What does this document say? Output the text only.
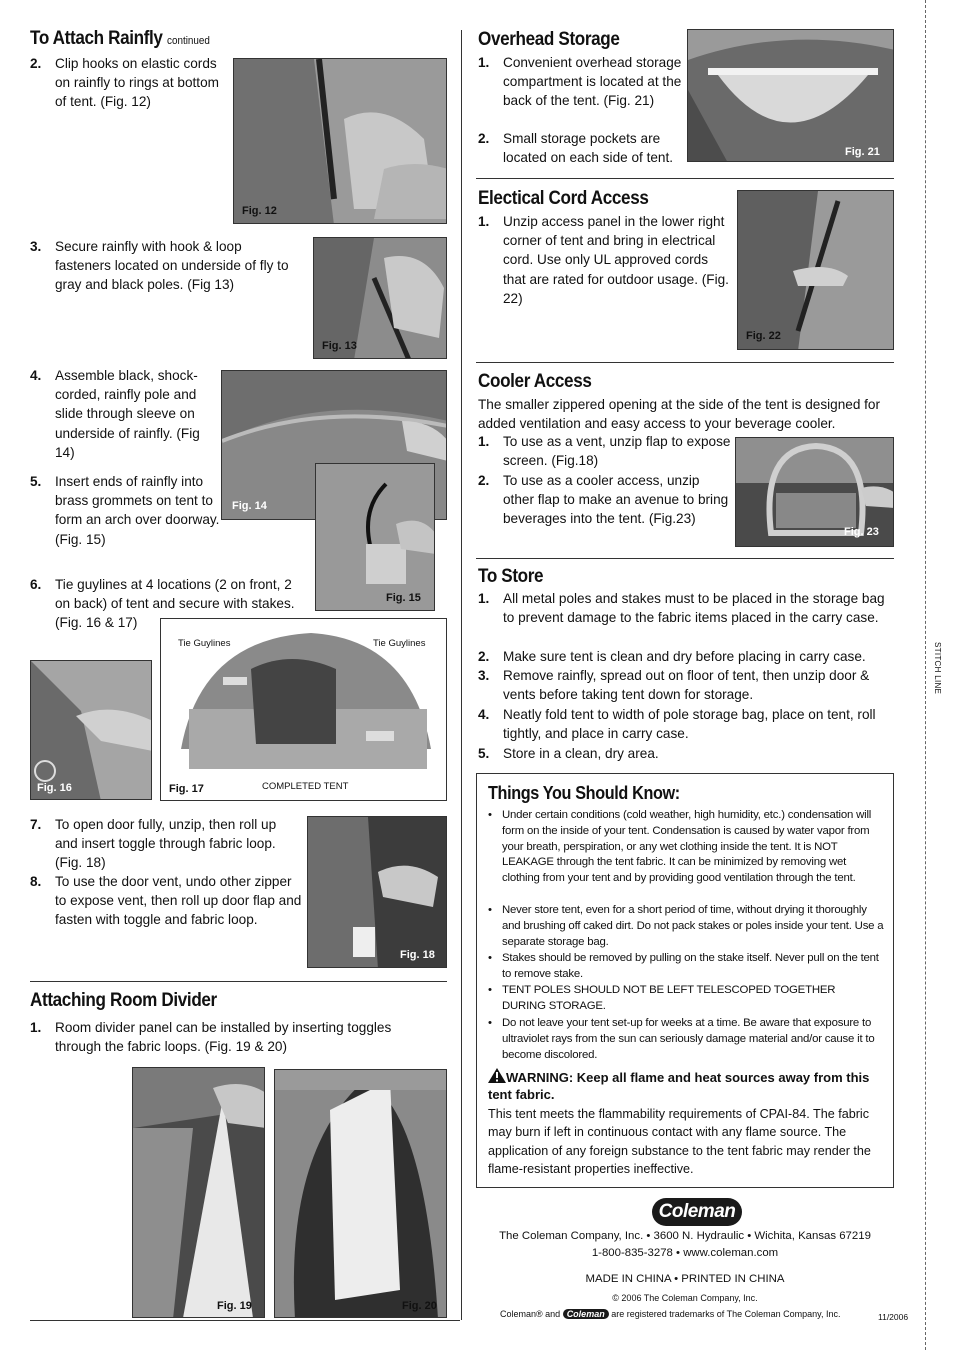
To Attach Rainfly continued
2. Clip hooks on elastic cords on rainfly to rings at bottom of tent. (Fig. 12)
Fig. 12
3. Secure rainfly with hook & loop fasteners located on underside of fly to gray and black poles. (Fig 13)
Fig. 13
4. Assemble black, shock-corded, rainfly pole and slide through sleeve on underside of rainfly. (Fig 14)
5. Insert ends of rainfly into brass grommets on tent to form an arch over doorway. (Fig. 15)
Fig. 14
Fig. 15
6. Tie guylines at 4 locations (2 on front, 2 on back) of tent and secure with stakes. (Fig. 16 & 17)
Fig. 16
Tie Guylines	Tie Guylines
Fig. 17	COMPLETED TENT
7. To open door fully, unzip, then roll up and insert toggle through fabric loop. (Fig. 18)
8. To use the door vent, undo other zipper to expose vent, then roll up door flap and fasten with toggle and fabric loop.
Fig. 18
Attaching Room Divider
1. Room divider panel can be installed by inserting toggles through the fabric loops. (Fig. 19 & 20)
Fig. 19	Fig. 20
Overhead Storage
1. Convenient overhead storage compartment is located at the back of the tent. (Fig. 21)
2. Small storage pockets are located on each side of tent.	Fig. 21
Electical Cord Access
1. Unzip access panel in the lower right corner of tent and bring in electrical cord. Use only UL approved cords that are rated for outdoor usage. (Fig. 22)
Fig. 22
Cooler Access
The smaller zippered opening at the side of the tent is designed for added ventilation and easy access to your beverage cooler.
1. To use as a vent, unzip flap to expose screen. (Fig.18)
2. To use as a cooler access, unzip other flap to make an avenue to bring beverages into the tent. (Fig.23)
Fig. 23
To Store
1. All metal poles and stakes must to be placed in the storage bag to prevent damage to the fabric items placed in the carry case.
2. Make sure tent is clean and dry before placing in carry case.
3. Remove rainfly, spread out on floor of tent, then unzip door & vents before taking tent down for storage.
4. Neatly fold tent to width of pole storage bag, place on tent, roll tightly, and place in carry case.
5. Store in a clean, dry area.
Things You Should Know:
• Under certain conditions (cold weather, high humidity, etc.) condensation will form on the inside of your tent. Condensation is caused by water vapor from your breath, perspiration, or any wet clothing inside the tent. It is NOT LEAKAGE through the tent fabric. It can be minimized by removing wet clothing from your tent and by providing good ventilation through the tent.
• Never store tent, even for a short period of time, without drying it thoroughly and brushing off caked dirt. Do not pack stakes or poles inside your tent. Use a separate storage bag.
• Stakes should be removed by pulling on the stake itself. Never pull on the tent to remove stake.
• TENT POLES SHOULD NOT BE LEFT TELESCOPED TOGETHER DURING STORAGE.
• Do not leave your tent set-up for weeks at a time. Be aware that exposure to ultraviolet rays from the sun can seriously damage material and/or cause it to become discolored.
WARNING: Keep all flame and heat sources away from this tent fabric.
This tent meets the flammability requirements of CPAI-84. The fabric may burn if left in continuous contact with any flame source. The application of any foreign substance to the tent fabric may render the flame-resistant properties ineffective.
Coleman
The Coleman Company, Inc. • 3600 N. Hydraulic • Wichita, Kansas 67219
1-800-835-3278 • www.coleman.com
MADE IN CHINA • PRINTED IN CHINA
© 2006 The Coleman Company, Inc.
Coleman® and Coleman are registered trademarks of The Coleman Company, Inc.	11/2006
STITCH LINE
